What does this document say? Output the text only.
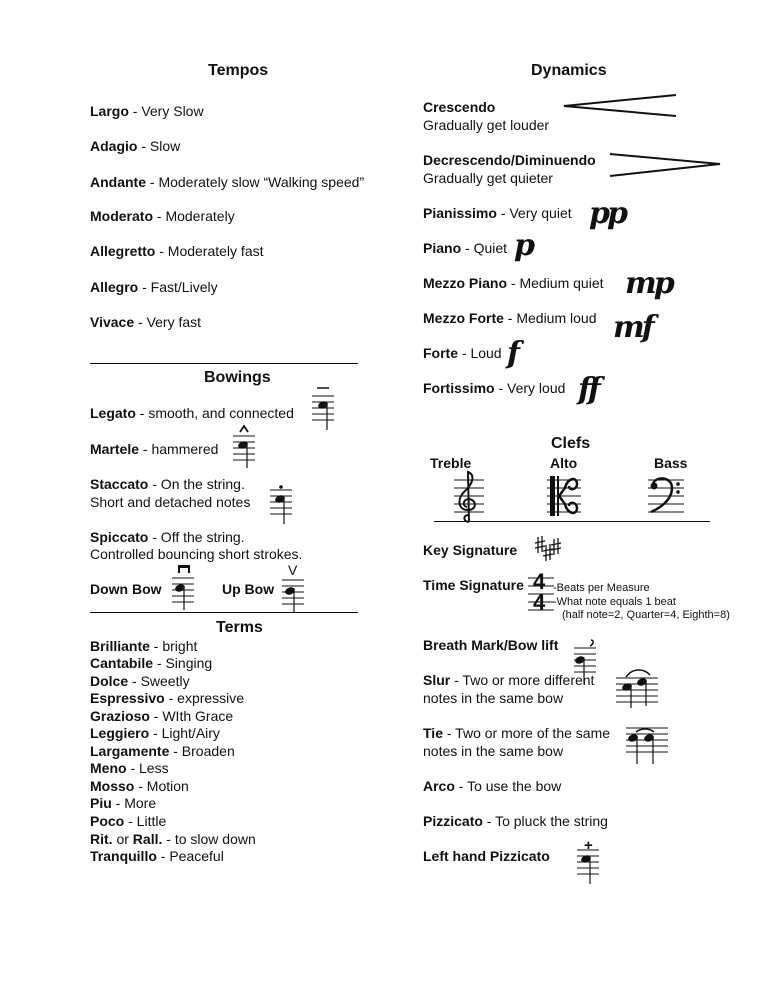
Tempos
Largo - Very Slow
Adagio - Slow
Andante - Moderately slow “Walking speed”
Moderato - Moderately
Allegretto - Moderately fast
Allegro - Fast/Lively
Vivace - Very fast
Bowings
Legato - smooth, and connected
Martele - hammered
Staccato - On the string.
Short and detached notes
Spiccato - Off the string.
Controlled bouncing short strokes.
Down Bow	Up Bow
V
Terms
Brilliante - bright
Cantabile - Singing
Dolce - Sweetly
Espressivo - expressive
Grazioso - WIth Grace
Leggiero - Light/Airy
Largamente - Broaden
Meno - Less
Mosso - Motion
Piu - More
Poco - Little
Rit. or Rall. - to slow down
Tranquillo - Peaceful
Dynamics
Crescendo
Gradually get louder
Decrescendo/Diminuendo
Gradually get quieter
Pianissimo - Very quiet pp
Piano - Quiet p
Mezzo Piano - Medium quiet mp
Mezzo Forte - Medium loud mf
Forte - Loud f
Fortissimo - Very loud ff
Clefs
Treble	Alto	Bass
Key Signature
Time Signature 4
4
-Beats per Measure
-What note equals 1 beat
(half note=2, Quarter=4, Eighth=8)
Breath Mark/Bow lift
Slur - Two or more different
notes in the same bow
Tie - Two or more of the same
notes in the same bow
Arco - To use the bow
Pizzicato - To pluck the string
Left hand Pizzicato
+
